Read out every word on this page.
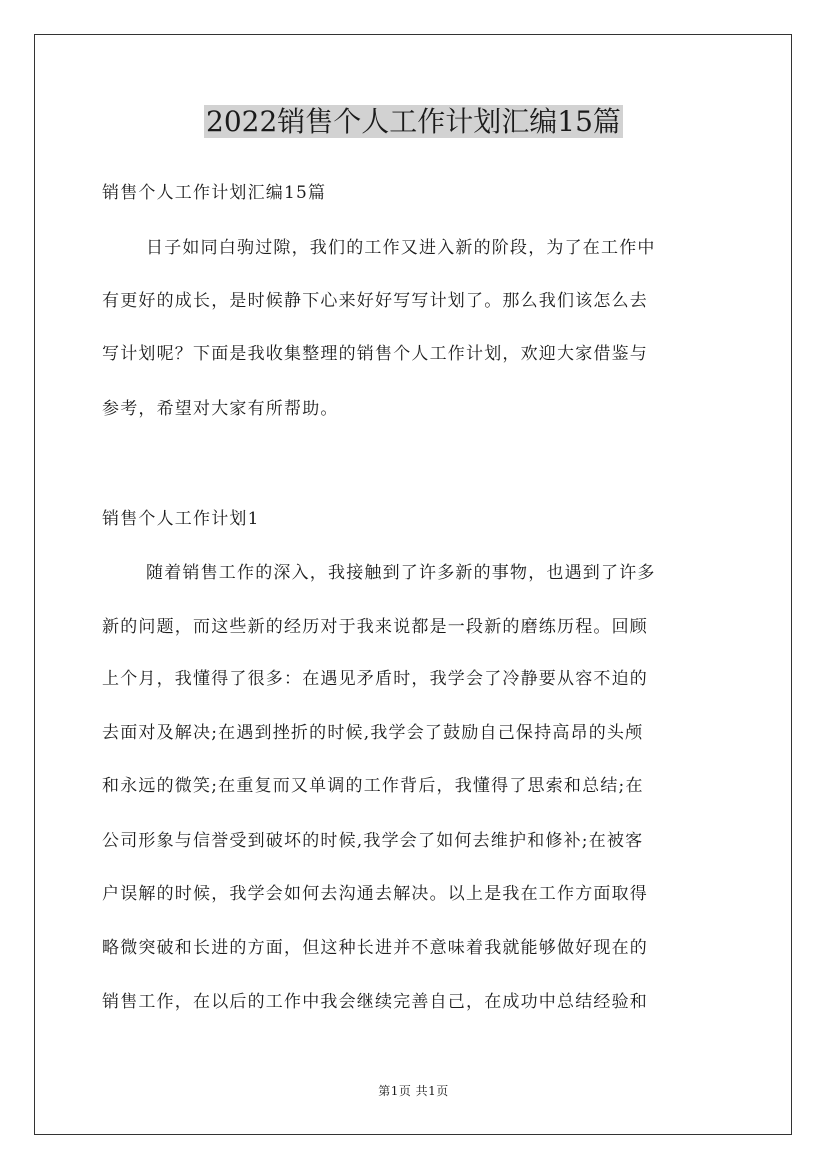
2022销售个人工作计划汇编15篇
销售个人工作计划汇编15篇
日子如同白驹过隙，我们的工作又进入新的阶段，为了在工作中
有更好的成长，是时候静下心来好好写写计划了。那么我们该怎么去
写计划呢？下面是我收集整理的销售个人工作计划，欢迎大家借鉴与
参考，希望对大家有所帮助。
销售个人工作计划1
随着销售工作的深入，我接触到了许多新的事物，也遇到了许多
新的问题，而这些新的经历对于我来说都是一段新的磨练历程。回顾
上个月，我懂得了很多：在遇见矛盾时，我学会了冷静要从容不迫的
去面对及解决;在遇到挫折的时候,我学会了鼓励自己保持高昂的头颅
和永远的微笑;在重复而又单调的工作背后，我懂得了思索和总结;在
公司形象与信誉受到破坏的时候,我学会了如何去维护和修补;在被客
户误解的时候，我学会如何去沟通去解决。以上是我在工作方面取得
略微突破和长进的方面，但这种长进并不意味着我就能够做好现在的
销售工作，在以后的工作中我会继续完善自己，在成功中总结经验和
第1页 共1页
